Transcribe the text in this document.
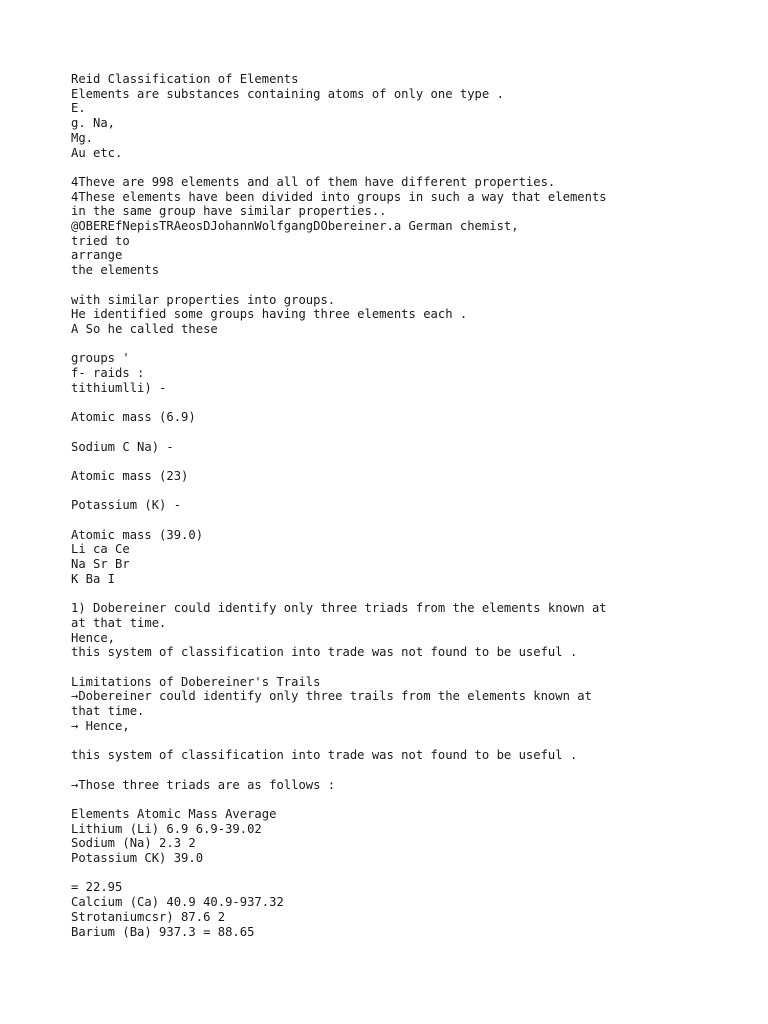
Reid Classification of Elements
Elements are substances containing atoms of only one type .
E.
g. Na,
Mg.
Au etc.
4Theve are 998 elements and all of them have different properties.
4These elements have been divided into groups in such a way that elements
in the same group have similar properties..
@OBEREfNepisTRAeosDJohannWolfgangDObereiner.a German chemist,
tried to
arrange
the elements
with similar properties into groups.
He identified some groups having three elements each .
A So he called these
groups '
f- raids :
tithiumlli) -
Atomic mass (6.9)
Sodium C Na) -
Atomic mass (23)
Potassium (K) -
Atomic mass (39.0)
Li ca Ce
Na Sr Br
K Ba I
1) Dobereiner could identify only three triads from the elements known at
at that time.
Hence,
this system of classification into trade was not found to be useful .
Limitations of Dobereiner's Trails
→Dobereiner could identify only three trails from the elements known at
that time.
→ Hence,
this system of classification into trade was not found to be useful .
→Those three triads are as follows :
Elements Atomic Mass Average
Lithium (Li) 6.9 6.9-39.02
Sodium (Na) 2.3 2
Potassium CK) 39.0
= 22.95
Calcium (Ca) 40.9 40.9-937.32
Strotaniumcsr) 87.6 2
Barium (Ba) 937.3 = 88.65
